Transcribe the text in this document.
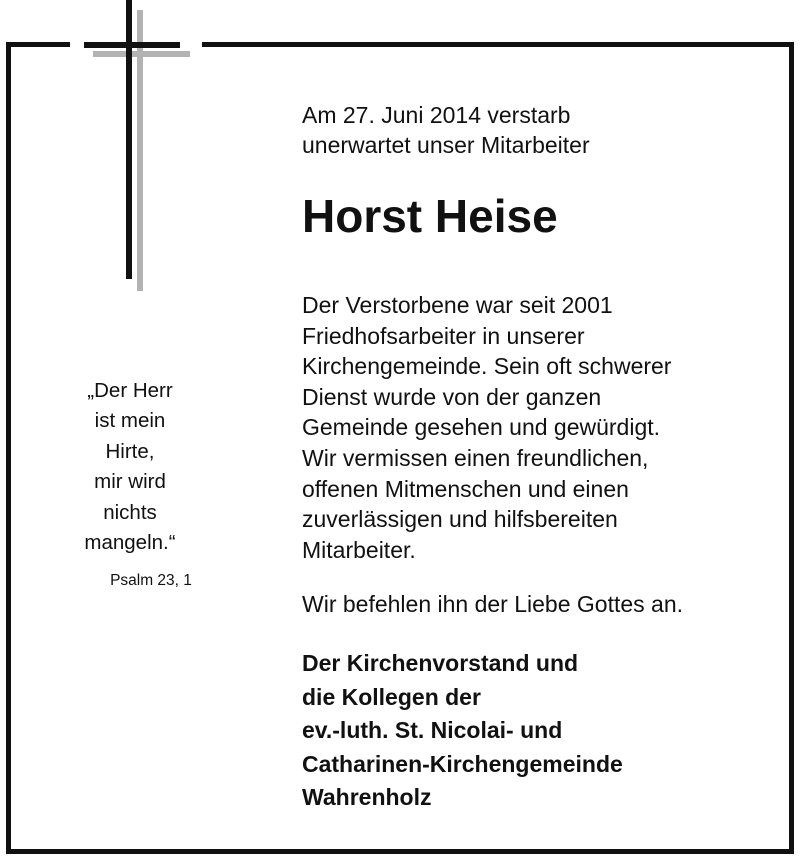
Am 27. Juni 2014 verstarb
unerwartet unser Mitarbeiter

Horst Heise

Der Verstorbene war seit 2001
Friedhofsarbeiter in unserer
Kirchengemeinde. Sein oft schwerer
Dienst wurde von der ganzen
Gemeinde gesehen und gewürdigt.
Wir vermissen einen freundlichen,
offenen Mitmenschen und einen
zuverlässigen und hilfsbereiten
Mitarbeiter.

Wir befehlen ihn der Liebe Gottes an.

Der Kirchenvorstand und
die Kollegen der
ev.-luth. St. Nicolai- und
Catharinen-Kirchengemeinde
Wahrenholz

„Der Herr
ist mein
Hirte,
mir wird
nichts
mangeln.“

Psalm 23, 1
